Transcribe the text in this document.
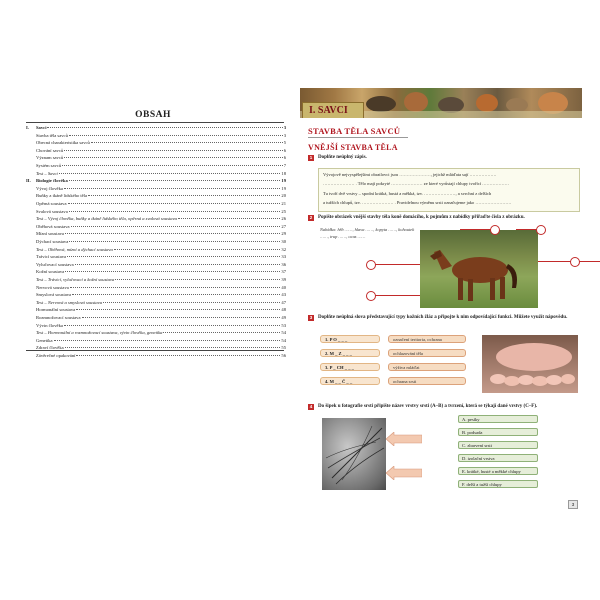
OBSAH
I.	Savci	3
Stavba těla savců	3
Obecná charakteristika savců	5
Chování savců	6
Význam savců	6
Systém savců	7
Test – Savci	18
II.	Biologie člověka	19
Vývoj člověka	19
Buňky a tkáně lidského těla	20
Opěrná soustava	21
Svalová soustava	25
Test – Vývoj člověka, buňky a tkáně lidského těla, opěrná a svalová soustava	26
Oběhová soustava	27
Mízní soustava	29
Dýchací soustava	30
Test – Oběhová, mízní a dýchací soustava	32
Trávicí soustava	33
Vylučovací soustava	36
Kožní soustava	37
Test – Trávicí, vylučovací a kožní soustava	39
Nervová soustava	40
Smyslová soustava	43
Test – Nervová a smyslová soustava	47
Hormonální soustava	48
Rozmnožovací soustava	49
Vývin člověka	53
Test – Hormonální a rozmnožovací soustava, vývin člověka, genetika	54
Genetika	54
Zdraví člověka	55
Závěrečné opakování	56
I. SAVCI
STAVBA TĚLA SAVCŮ
VNĚJŠÍ STAVBA TĚLA
1	Doplňte neúplný zápis.
Vývojově nejvyspělejšími obratlovci jsou …………………, jejichž mláďata sají ………………
………………… . Tělo mají pokryté ………………… ze které vyrůstají chlupy tvořící ………………
Tu tvoří dvě vrstvy – spodní krátká, hustá a měkká, tzv. …………………, a svrchní z delších
a tužších chlupů, tzv. ………………… . Pravidelnou výměnu srsti označujeme jako ……………………
2	Popište obrázek vnější stavby těla koně domácího, k pojmům z nabídky přiřaďte čísla z obrázku.
Nabídka: hřb ……, hlava ……, kopyta ……, kohoutek ……, trup ……, ocas ……
3	Doplňte neúplná slova představující typy kožních žláz a připojte k nim odpovídající funkci. Můžete využít nápovědu.
1. P O _ _ _	označení teritoria, ochrana
2. M _ Z _ _ _	ochlazování těla
3. P _ CH _ _ _	výživa mláďat
4. M _ _ Č _ _	ochrana srsti
4	Do šipek u fotografie srsti připište název vrstvy srsti (A–B) a tvrzení, která se týkají dané vrstvy (C–F).
A. pesíky
B. podsada
C. zbarvení srsti
D. izolační vrstva
E. krátké, husté a měkké chlupy
F. delší a tužší chlupy
3
